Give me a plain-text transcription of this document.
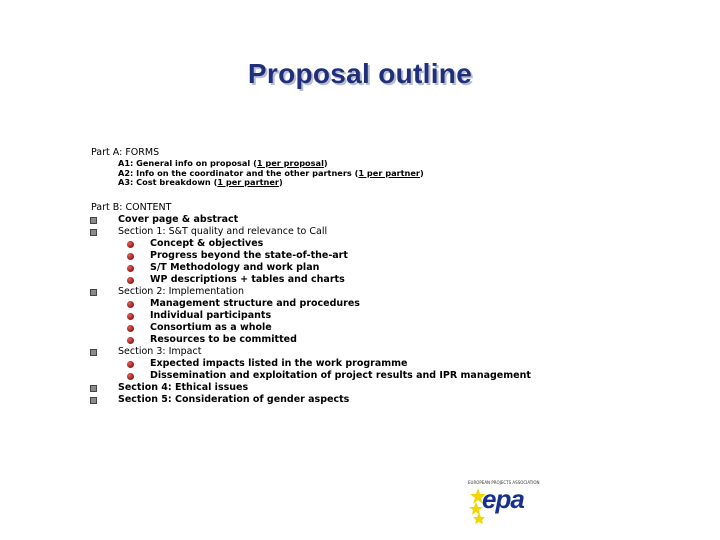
Proposal outline
Part A: FORMS
A1: General info on proposal (1 per proposal)
A2: Info on the coordinator and the other partners (1 per partner)
A3: Cost breakdown (1 per partner)
Part B: CONTENT
Cover page & abstract
Section 1: S&T quality and relevance to Call
Concept & objectives
Progress beyond the state-of-the-art
S/T Methodology and work plan
WP descriptions + tables and charts
Section 2: Implementation
Management structure and procedures
Individual participants
Consortium as a whole
Resources to be committed
Section 3: Impact
Expected impacts listed in the work programme
Dissemination and exploitation of project results and IPR management
Section 4: Ethical issues
Section 5: Consideration of gender aspects
EUROPEAN PROJECTS ASSOCIATION
epa
